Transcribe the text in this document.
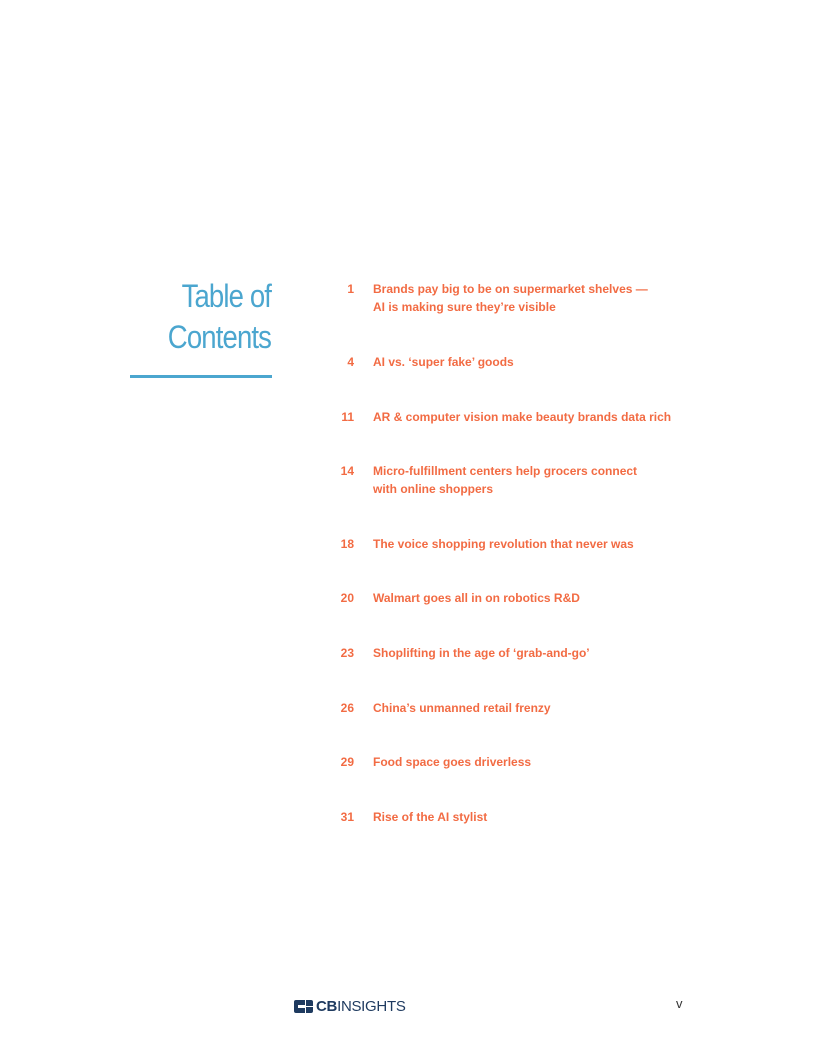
Table of
Contents
1 Brands pay big to be on supermarket shelves —
AI is making sure they’re visible
4 AI vs. ‘super fake’ goods
11 AR & computer vision make beauty brands data rich
14 Micro-fulfillment centers help grocers connect
with online shoppers
18 The voice shopping revolution that never was
20 Walmart goes all in on robotics R&D
23 Shoplifting in the age of ‘grab-and-go’
26 China’s unmanned retail frenzy
29 Food space goes driverless
31 Rise of the AI stylist
CBINSIGHTS	v
